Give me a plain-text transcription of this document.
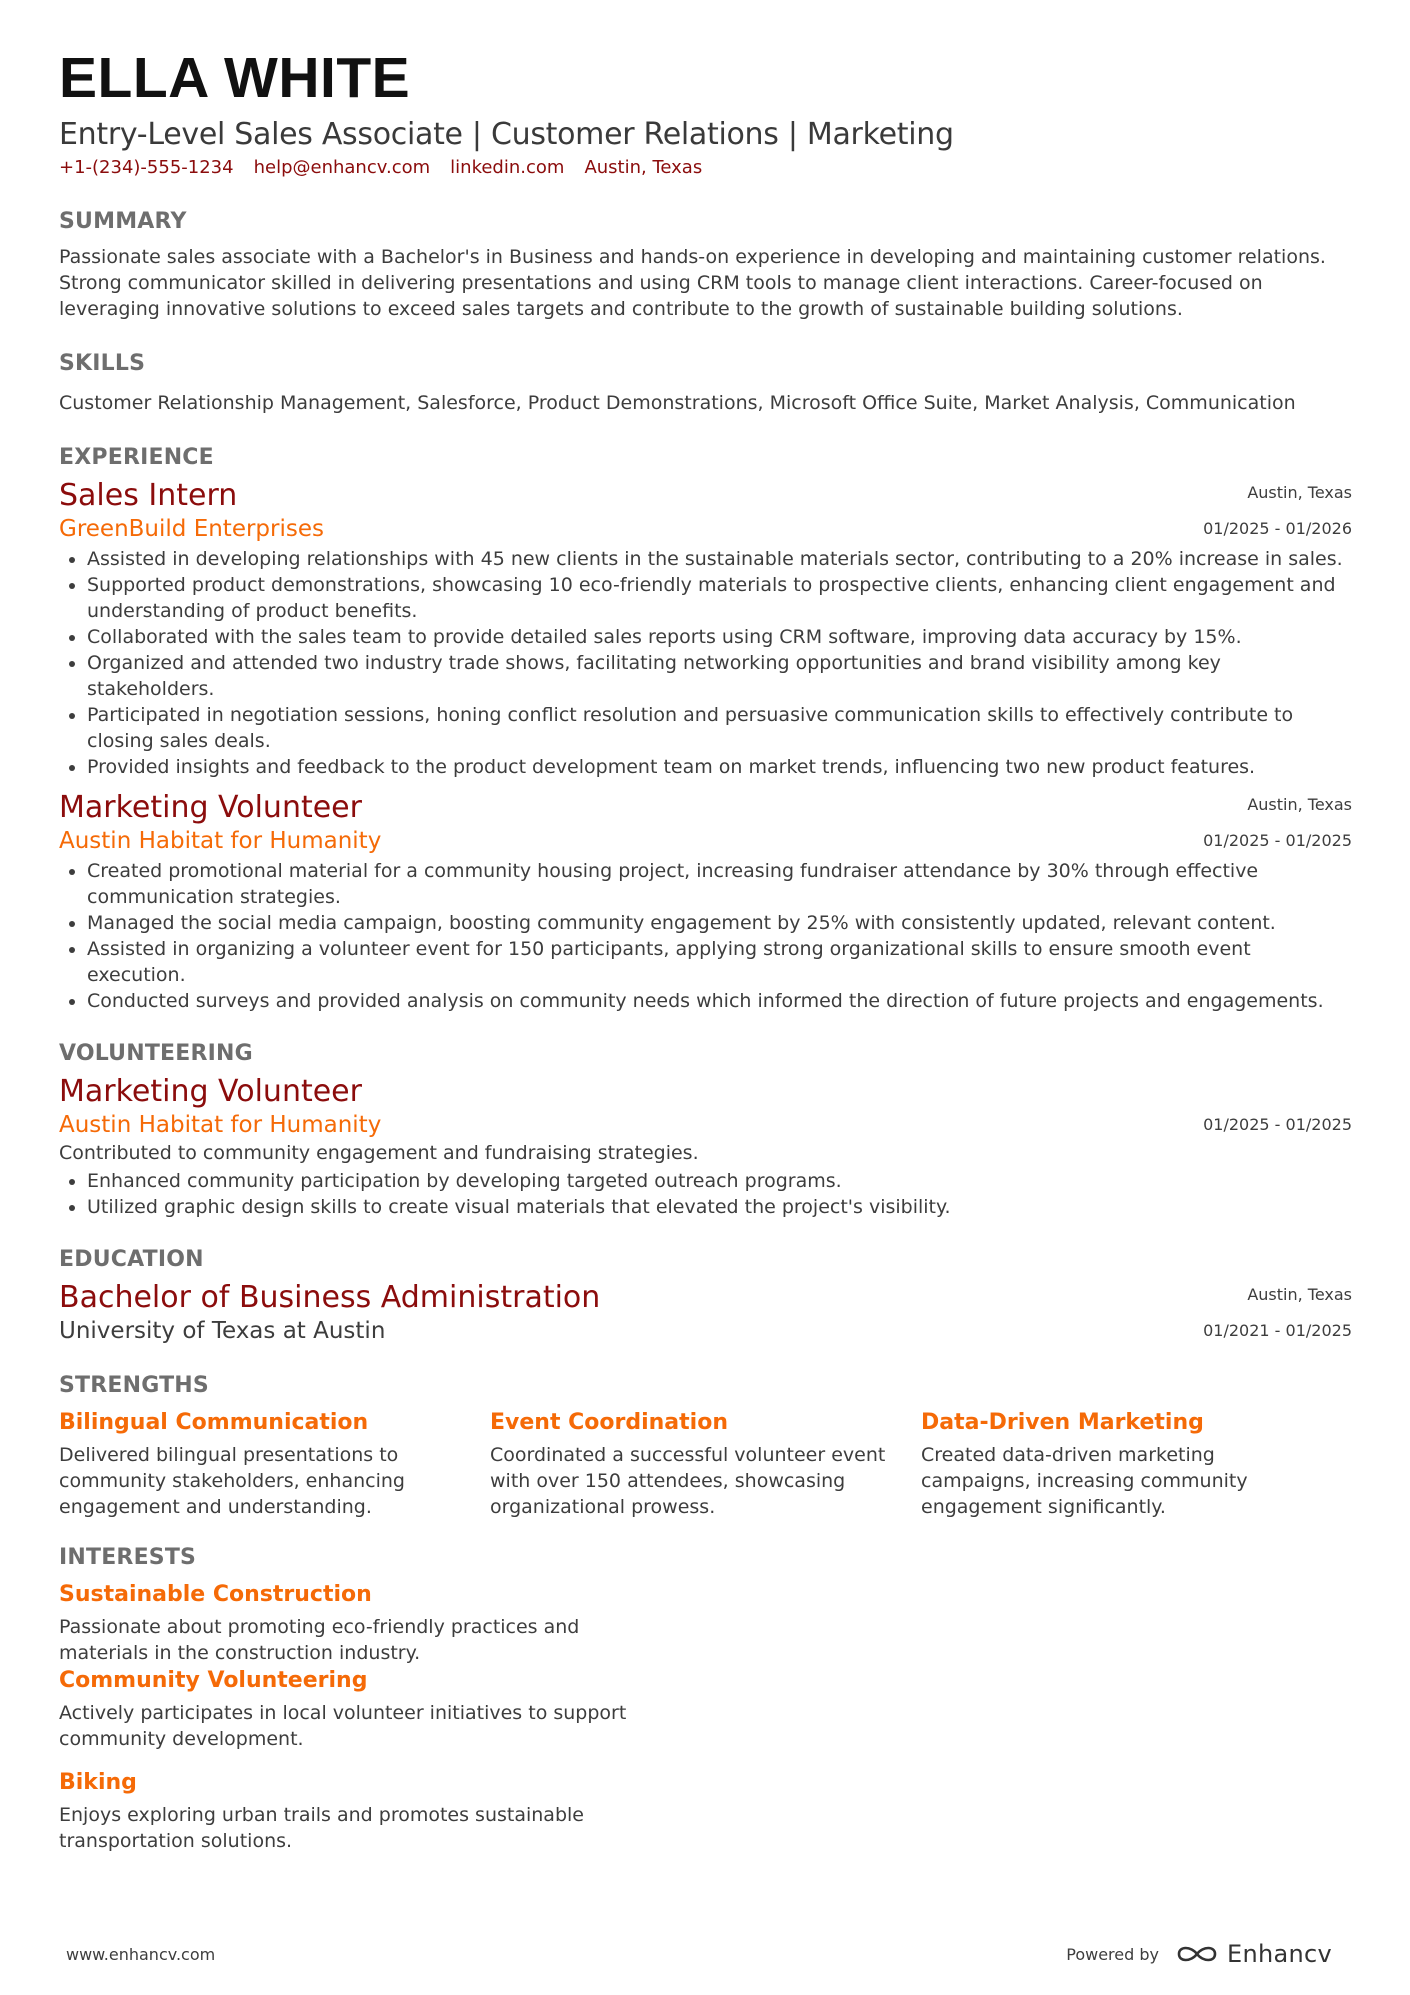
ELLA WHITE
Entry-Level Sales Associate | Customer Relations | Marketing
+1-(234)-555-1234 help@enhancv.com linkedin.com Austin, Texas
SUMMARY
Passionate sales associate with a Bachelor's in Business and hands-on experience in developing and maintaining customer relations. Strong communicator skilled in delivering presentations and using CRM tools to manage client interactions. Career-focused on leveraging innovative solutions to exceed sales targets and contribute to the growth of sustainable building solutions.
SKILLS
Customer Relationship Management, Salesforce, Product Demonstrations, Microsoft Office Suite, Market Analysis, Communication
EXPERIENCE
Sales Intern
GreenBuild Enterprises
Austin, Texas
01/2025 - 01/2026
• Assisted in developing relationships with 45 new clients in the sustainable materials sector, contributing to a 20% increase in sales.
• Supported product demonstrations, showcasing 10 eco-friendly materials to prospective clients, enhancing client engagement and understanding of product benefits.
• Collaborated with the sales team to provide detailed sales reports using CRM software, improving data accuracy by 15%.
• Organized and attended two industry trade shows, facilitating networking opportunities and brand visibility among key stakeholders.
• Participated in negotiation sessions, honing conflict resolution and persuasive communication skills to effectively contribute to closing sales deals.
• Provided insights and feedback to the product development team on market trends, influencing two new product features.
Marketing Volunteer
Austin Habitat for Humanity
Austin, Texas
01/2025 - 01/2025
• Created promotional material for a community housing project, increasing fundraiser attendance by 30% through effective communication strategies.
• Managed the social media campaign, boosting community engagement by 25% with consistently updated, relevant content.
• Assisted in organizing a volunteer event for 150 participants, applying strong organizational skills to ensure smooth event execution.
• Conducted surveys and provided analysis on community needs which informed the direction of future projects and engagements.
VOLUNTEERING
Marketing Volunteer
Austin Habitat for Humanity	01/2025 - 01/2025
Contributed to community engagement and fundraising strategies.
• Enhanced community participation by developing targeted outreach programs.
• Utilized graphic design skills to create visual materials that elevated the project's visibility.
EDUCATION
Bachelor of Business Administration
University of Texas at Austin
Austin, Texas
01/2021 - 01/2025
STRENGTHS
Bilingual Communication
Delivered bilingual presentations to community stakeholders, enhancing engagement and understanding.
Event Coordination
Coordinated a successful volunteer event with over 150 attendees, showcasing organizational prowess.
Data-Driven Marketing
Created data-driven marketing campaigns, increasing community engagement significantly.
INTERESTS
Sustainable Construction
Passionate about promoting eco-friendly practices and materials in the construction industry.
Community Volunteering
Actively participates in local volunteer initiatives to support community development.
Biking
Enjoys exploring urban trails and promotes sustainable transportation solutions.
www.enhancv.com	Powered by	Enhancv
